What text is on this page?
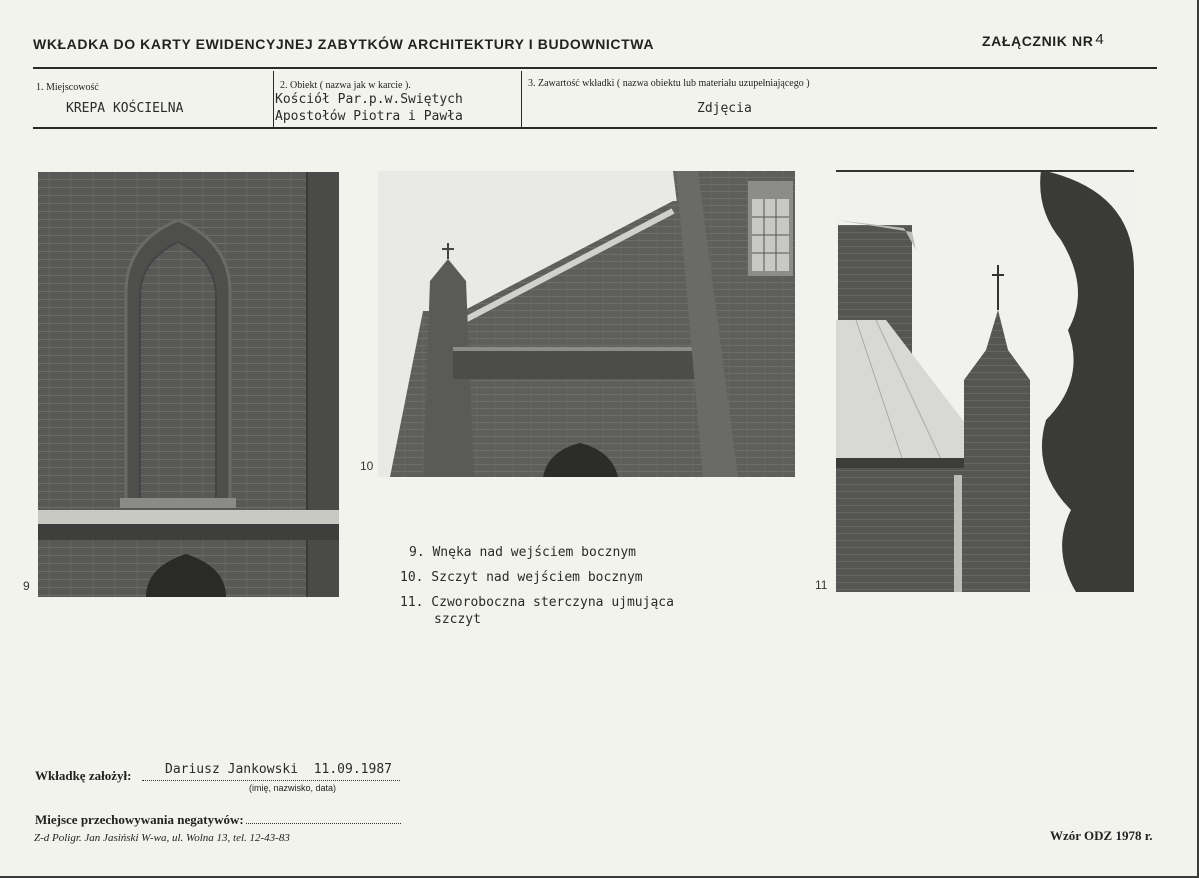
WKŁADKA DO KARTY EWIDENCYJNEJ ZABYTKÓW ARCHITEKTURY I BUDOWNICTWA	ZAŁĄCZNIK NR 4
1. Miejscowość
KREPA KOŚCIELNA
2. Obiekt ( nazwa jak w karcie ).
Kościół Par.p.w.Swiętych
Apostołów Piotra i Pawła
3. Zawartość wkładki ( nazwa obiektu lub materiału uzupełniającego )
Zdjęcia
9
10
11
9. Wnęka nad wejściem bocznym
10. Szczyt nad wejściem bocznym
11. Czworoboczna sterczyna ujmująca
szczyt
Wkładkę założył:	Dariusz Jankowski  11.09.1987
(imię, nazwisko, data)
Miejsce przechowywania negatywów:
Z-d Poligr. Jan Jasiński W-wa, ul. Wolna 13, tel. 12-43-83	Wzór ODZ 1978 r.
